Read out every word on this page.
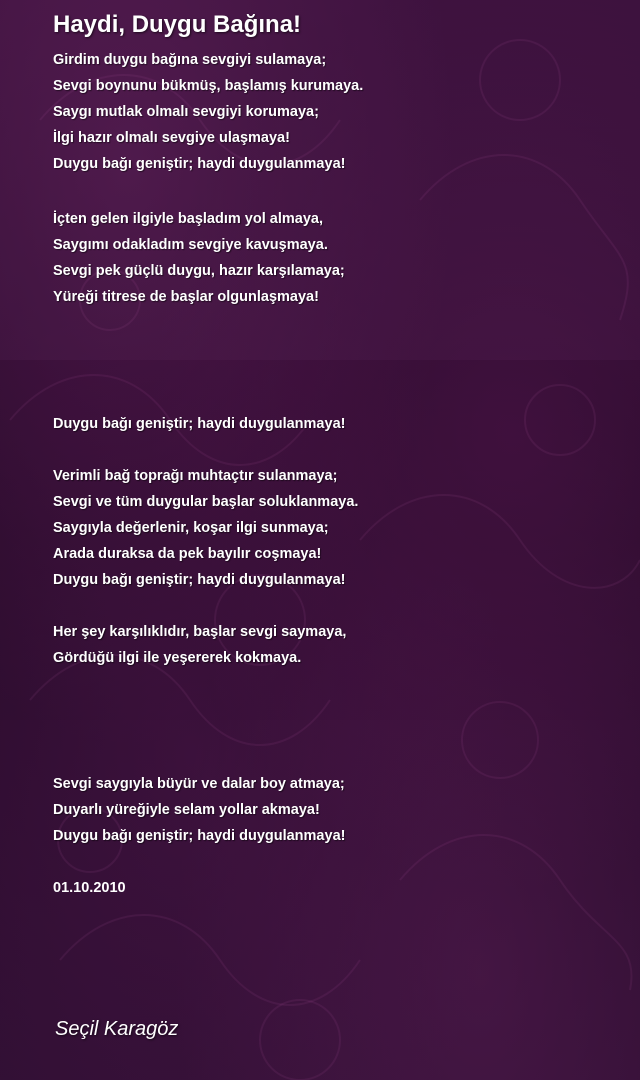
Haydi, Duygu Bağına!
Girdim duygu bağına sevgiyi sulamaya;
Sevgi boynunu bükmüş, başlamış kurumaya.
Saygı mutlak olmalı sevgiyi korumaya;
İlgi hazır olmalı sevgiye ulaşmaya!
Duygu bağı geniştir; haydi duygulanmaya!
İçten gelen ilgiyle başladım yol almaya,
Saygımı odakladım sevgiye kavuşmaya.
Sevgi pek güçlü duygu, hazır karşılamaya;
Yüreği titrese de başlar olgunlaşmaya!
Duygu bağı geniştir; haydi duygulanmaya!
Verimli bağ toprağı muhtaçtır sulanmaya;
Sevgi ve tüm duygular başlar soluklanmaya.
Saygıyla değerlenir, koşar ilgi sunmaya;
Arada duraksa da pek bayılır coşmaya!
Duygu bağı geniştir; haydi duygulanmaya!
Her şey karşılıklıdır, başlar sevgi saymaya,
Gördüğü ilgi ile yeşererek kokmaya.
Sevgi saygıyla büyür ve dalar boy atmaya;
Duyarlı yüreğiyle selam yollar akmaya!
Duygu bağı geniştir; haydi duygulanmaya!
01.10.2010
Seçil Karagöz
